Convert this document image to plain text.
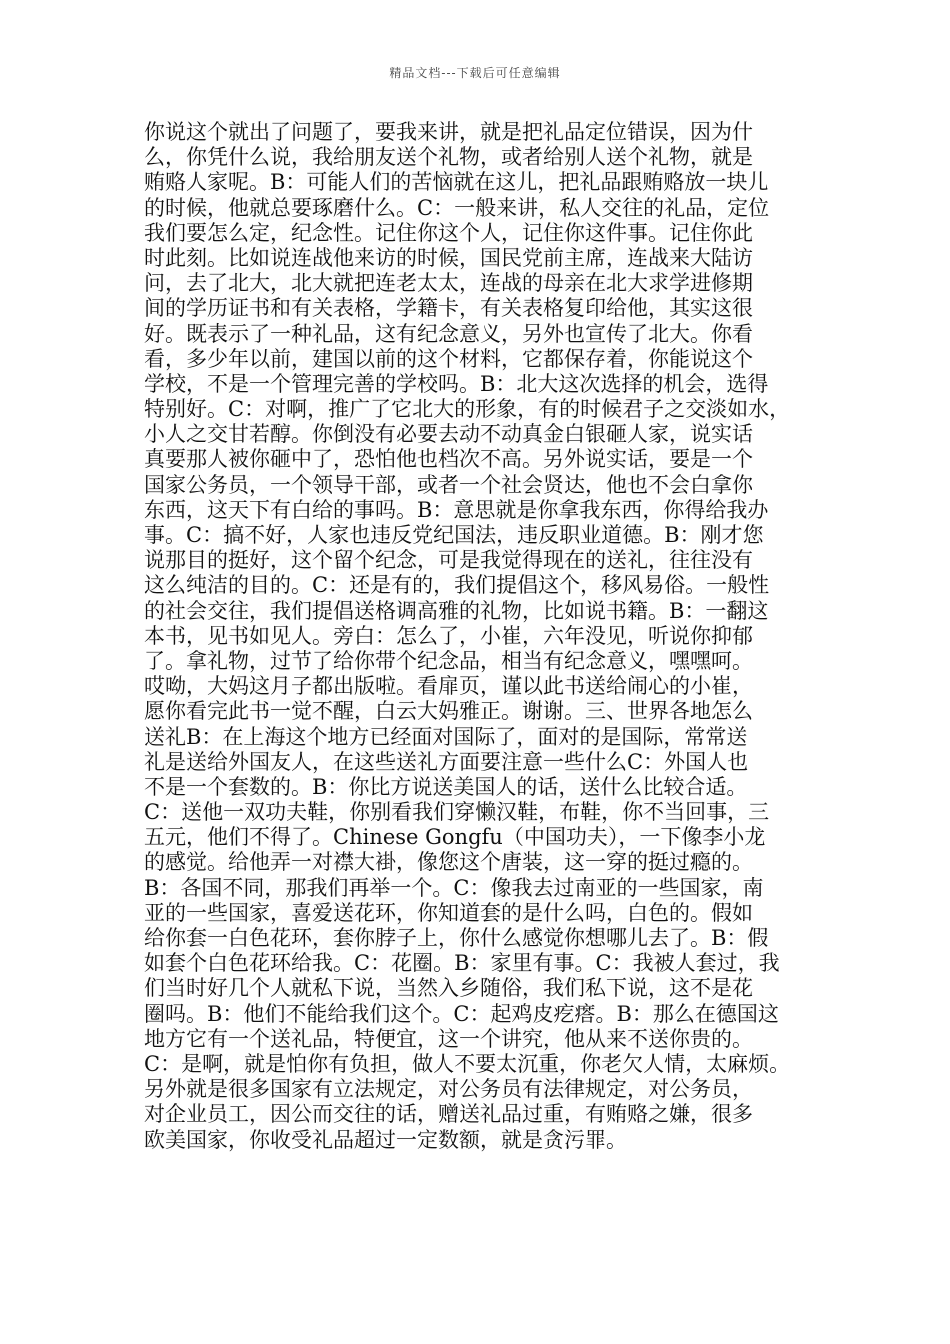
精品文档---下载后可任意编辑
你说这个就出了问题了，要我来讲，就是把礼品定位错误，因为什
么，你凭什么说，我给朋友送个礼物，或者给别人送个礼物，就是
贿赂人家呢。B：可能人们的苦恼就在这儿，把礼品跟贿赂放一块儿
的时候，他就总要琢磨什么。C：一般来讲，私人交往的礼品，定位
我们要怎么定，纪念性。记住你这个人，记住你这件事。记住你此
时此刻。比如说连战他来访的时候，国民党前主席，连战来大陆访
问，去了北大，北大就把连老太太，连战的母亲在北大求学进修期
间的学历证书和有关表格，学籍卡，有关表格复印给他，其实这很
好。既表示了一种礼品，这有纪念意义，另外也宣传了北大。你看
看，多少年以前，建国以前的这个材料，它都保存着，你能说这个
学校，不是一个管理完善的学校吗。B：北大这次选择的机会，选得
特别好。C：对啊，推广了它北大的形象，有的时候君子之交淡如水，
小人之交甘若醇。你倒没有必要去动不动真金白银砸人家，说实话
真要那人被你砸中了，恐怕他也档次不高。另外说实话，要是一个
国家公务员，一个领导干部，或者一个社会贤达，他也不会白拿你
东西，这天下有白给的事吗。B：意思就是你拿我东西，你得给我办
事。C：搞不好，人家也违反党纪国法，违反职业道德。B：刚才您
说那目的挺好，这个留个纪念，可是我觉得现在的送礼，往往没有
这么纯洁的目的。C：还是有的，我们提倡这个，移风易俗。一般性
的社会交往，我们提倡送格调高雅的礼物，比如说书籍。B：一翻这
本书，见书如见人。旁白：怎么了，小崔，六年没见，听说你抑郁
了。拿礼物，过节了给你带个纪念品，相当有纪念意义，嘿嘿呵。
哎呦，大妈这月子都出版啦。看扉页，谨以此书送给闹心的小崔，
愿你看完此书一觉不醒，白云大妈雅正。谢谢。三、世界各地怎么
送礼B：在上海这个地方已经面对国际了，面对的是国际，常常送
礼是送给外国友人，在这些送礼方面要注意一些什么C：外国人也
不是一个套数的。B：你比方说送美国人的话，送什么比较合适。
C：送他一双功夫鞋，你别看我们穿懒汉鞋，布鞋，你不当回事，三
五元，他们不得了。Chinese Gongfu（中国功夫），一下像李小龙
的感觉。给他弄一对襟大褂，像您这个唐装，这一穿的挺过瘾的。
B：各国不同，那我们再举一个。C：像我去过南亚的一些国家，南
亚的一些国家，喜爱送花环，你知道套的是什么吗，白色的。假如
给你套一白色花环，套你脖子上，你什么感觉你想哪儿去了。B：假
如套个白色花环给我。C：花圈。B：家里有事。C：我被人套过，我
们当时好几个人就私下说，当然入乡随俗，我们私下说，这不是花
圈吗。B：他们不能给我们这个。C：起鸡皮疙瘩。B：那么在德国这
地方它有一个送礼品，特便宜，这一个讲究，他从来不送你贵的。
C：是啊，就是怕你有负担，做人不要太沉重，你老欠人情，太麻烦。
另外就是很多国家有立法规定，对公务员有法律规定，对公务员，
对企业员工，因公而交往的话，赠送礼品过重，有贿赂之嫌，很多
欧美国家，你收受礼品超过一定数额，就是贪污罪。
